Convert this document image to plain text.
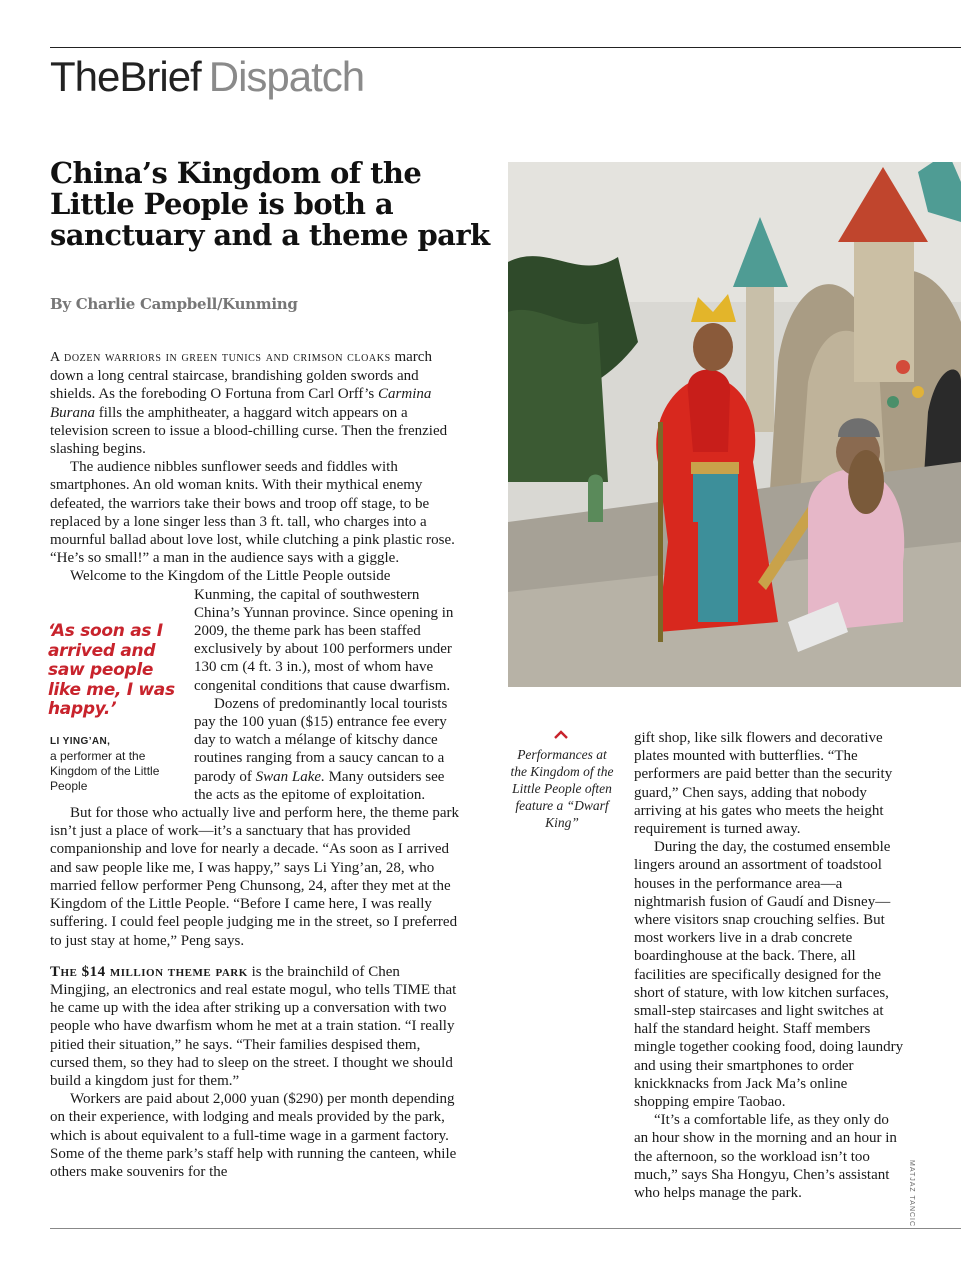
TheBrief Dispatch
China’s Kingdom of the Little People is both a sanctuary and a theme park
By Charlie Campbell/Kunming

A dozen warriors in green tunics and crimson cloaks march down a long central staircase, brandishing golden swords and shields. As the foreboding O Fortuna from Carl Orff’s Carmina Burana fills the amphitheater, a haggard witch appears on a television screen to issue a blood-chilling curse. Then the frenzied slashing begins.

The audience nibbles sunflower seeds and fiddles with smartphones. An old woman knits. With their mythical enemy defeated, the warriors take their bows and troop off stage, to be replaced by a lone singer less than 3 ft. tall, who charges into a mournful ballad about love lost, while clutching a pink plastic rose. “He’s so small!” a man in the audience says with a giggle.

Welcome to the Kingdom of the Little People outside

Kunming, the capital of southwestern China’s Yunnan province. Since opening in 2009, the theme park has been staffed exclusively by about 100 performers under 130 cm (4 ft. 3 in.), most of whom have congenital conditions that cause dwarfism.

Dozens of predominantly local tourists pay the 100 yuan ($15) entrance fee every day to watch a mélange of kitschy dance routines ranging from a saucy cancan to a parody of Swan Lake. Many outsiders see the acts as the epitome of exploitation.

But for those who actually live and perform here, the theme park isn’t just a place of work—it’s a sanctuary that has provided companionship and love for nearly a decade. “As soon as I arrived and saw people like me, I was happy,” says Li Ying’an, 28, who married fellow performer Peng Chunsong, 24, after they met at the Kingdom of the Little People. “Before I came here, I was really suffering. I could feel people judging me in the street, so I preferred to just stay at home,” Peng says.

The $14 million theme park is the brainchild of Chen Mingjing, an electronics and real estate mogul, who tells TIME that he came up with the idea after striking up a conversation with two people who have dwarfism whom he met at a train station. “I really pitied their situation,” he says. “Their families despised them, cursed them, so they had to sleep on the street. I thought we should build a kingdom just for them.”

Workers are paid about 2,000 yuan ($290) per month depending on their experience, with lodging and meals provided by the park, which is about equivalent to a full-time wage in a garment factory. Some of the theme park’s staff help with running the canteen, while others make souvenirs for the

‘As soon as I arrived and saw people like me, I was happy.’
LI YING’AN,
a performer at the Kingdom of the Little People
Performances at the Kingdom of the Little People often feature a “Dwarf King”

gift shop, like silk flowers and decorative plates mounted with butterflies. “The performers are paid better than the security guard,” Chen says, adding that nobody arriving at his gates who meets the height requirement is turned away.

During the day, the costumed ensemble lingers around an assortment of toadstool houses in the performance area—a nightmarish fusion of Gaudí and Disney—where visitors snap crouching selfies. But most workers live in a drab concrete boardinghouse at the back. There, all facilities are specifically designed for the short of stature, with low kitchen surfaces, small-step staircases and light switches at half the standard height. Staff members mingle together cooking food, doing laundry and using their smartphones to order knickknacks from Jack Ma’s online shopping empire Taobao.

“It’s a comfortable life, as they only do an hour show in the morning and an hour in the afternoon, so the workload isn’t too much,” says Sha Hongyu, Chen’s assistant who helps manage the park.	MATJAZ TANCIC
